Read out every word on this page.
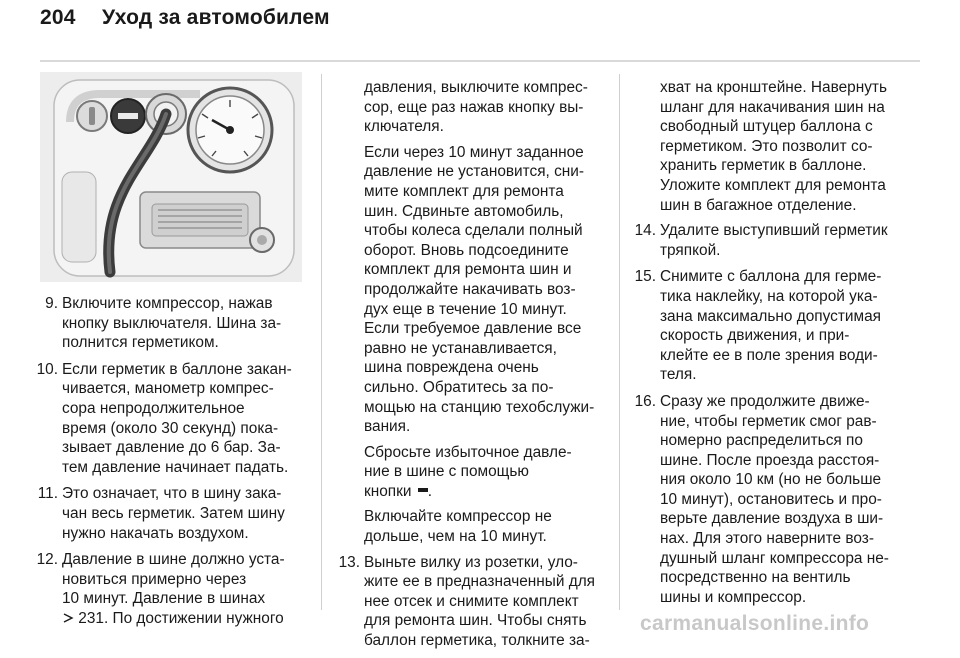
204 Уход за автомобилем
9. Включите компрессор, нажав
кнопку выключателя. Шина за-
полнится герметиком.
10. Если герметик в баллоне закан-
чивается, манометр компрес-
сора непродолжительное
время (около 30 секунд) пока-
зывает давление до 6 бар. За-
тем давление начинает падать.
11. Это означает, что в шину зака-
чан весь герметик. Затем шину
нужно накачать воздухом.
12. Давление в шине должно уста-
новиться примерно через
10 минут. Давление в шинах
231. По достижении нужного

давления, выключите компрес-
сор, еще раз нажав кнопку вы-
ключателя.

Если через 10 минут заданное
давление не установится, сни-
мите комплект для ремонта
шин. Сдвиньте автомобиль,
чтобы колеса сделали полный
оборот. Вновь подсоедините
комплект для ремонта шин и
продолжайте накачивать воз-
дух еще в течение 10 минут.
Если требуемое давление все
равно не устанавливается,
шина повреждена очень
сильно. Обратитесь за по-
мощью на станцию техобслужи-
вания.

Сбросьте избыточное давле-
ние в шине с помощью
кнопки .

Включайте компрессор не
дольше, чем на 10 минут.

13. Выньте вилку из розетки, уло-
жите ее в предназначенный для
нее отсек и снимите комплект
для ремонта шин. Чтобы снять
баллон герметика, толкните за-

хват на кронштейне. Навернуть
шланг для накачивания шин на
свободный штуцер баллона с
герметиком. Это позволит со-
хранить герметик в баллоне.
Уложите комплект для ремонта
шин в багажное отделение.

14. Удалите выступивший герметик
тряпкой.
15. Снимите с баллона для герме-
тика наклейку, на которой ука-
зана максимально допустимая
скорость движения, и при-
клейте ее в поле зрения води-
теля.
16. Сразу же продолжите движе-
ние, чтобы герметик смог рав-
номерно распределиться по
шине. После проезда расстоя-
ния около 10 км (но не больше
10 минут), остановитесь и про-
верьте давление воздуха в ши-
нах. Для этого наверните воз-
душный шланг компрессора не-
посредственно на вентиль
шины и компрессор.
carmanualsonline.info
